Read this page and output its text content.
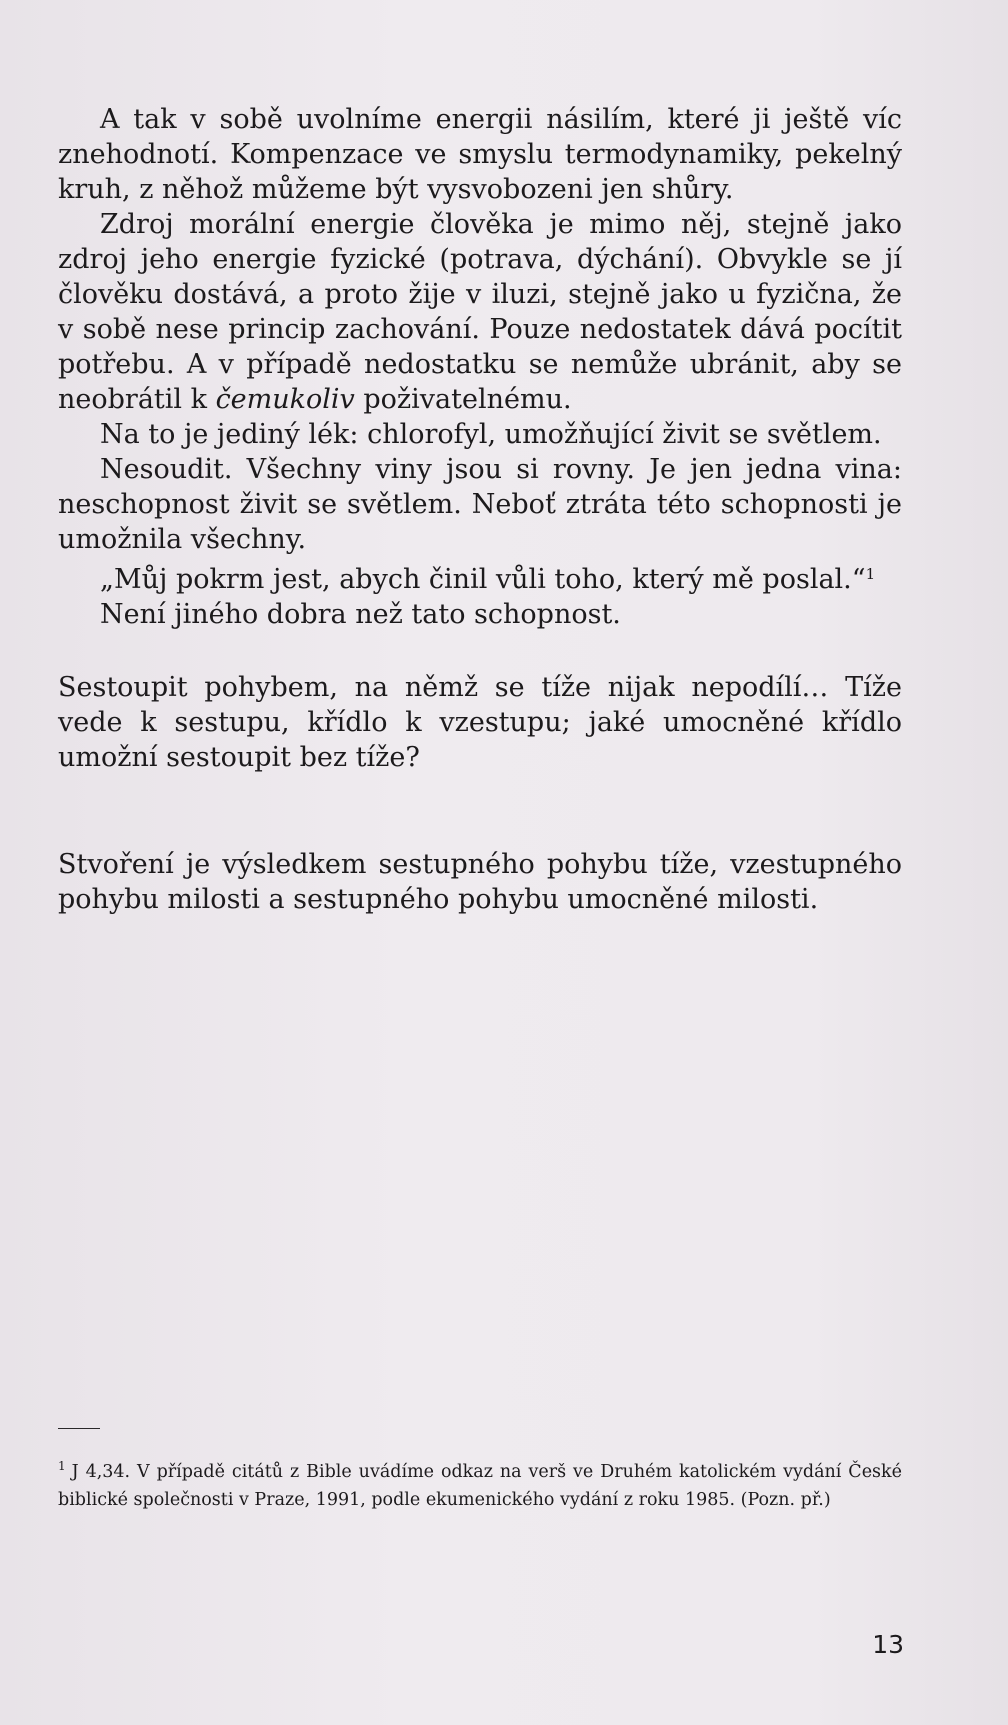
A tak v sobě uvolníme energii násilím, které ji ještě víc znehodnotí. Kompenzace ve smyslu termodynamiky, pekelný kruh, z něhož můžeme být vysvobozeni jen shůry.

Zdroj morální energie člověka je mimo něj, stejně jako zdroj jeho energie fyzické (potrava, dýchání). Obvykle se jí člověku dostává, a proto žije v iluzi, stejně jako u fyzična, že v sobě nese princip zachování. Pouze nedostatek dává pocítit potřebu. A v případě nedostatku se nemůže ubránit, aby se neobrátil k čemukoliv poživatelnému.

Na to je jediný lék: chlorofyl, umožňující živit se světlem.

Nesoudit. Všechny viny jsou si rovny. Je jen jedna vina: neschopnost živit se světlem. Neboť ztráta této schopnosti je umožnila všechny.

„Můj pokrm jest, abych činil vůli toho, který mě poslal.“$^1$

Není jiného dobra než tato schopnost.

Sestoupit pohybem, na němž se tíže nijak nepodílí… Tíže vede k sestupu, křídlo k vzestupu; jaké umocněné křídlo umožní sestoupit bez tíže?

Stvoření je výsledkem sestupného pohybu tíže, vzestupného pohybu milosti a sestupného pohybu umocněné milosti.

$^1$ J 4,34. V případě citátů z Bible uvádíme odkaz na verš ve Druhém katolickém vydání České biblické společnosti v Praze, 1991, podle ekumenického vydání z roku 1985. (Pozn. př.)
13
